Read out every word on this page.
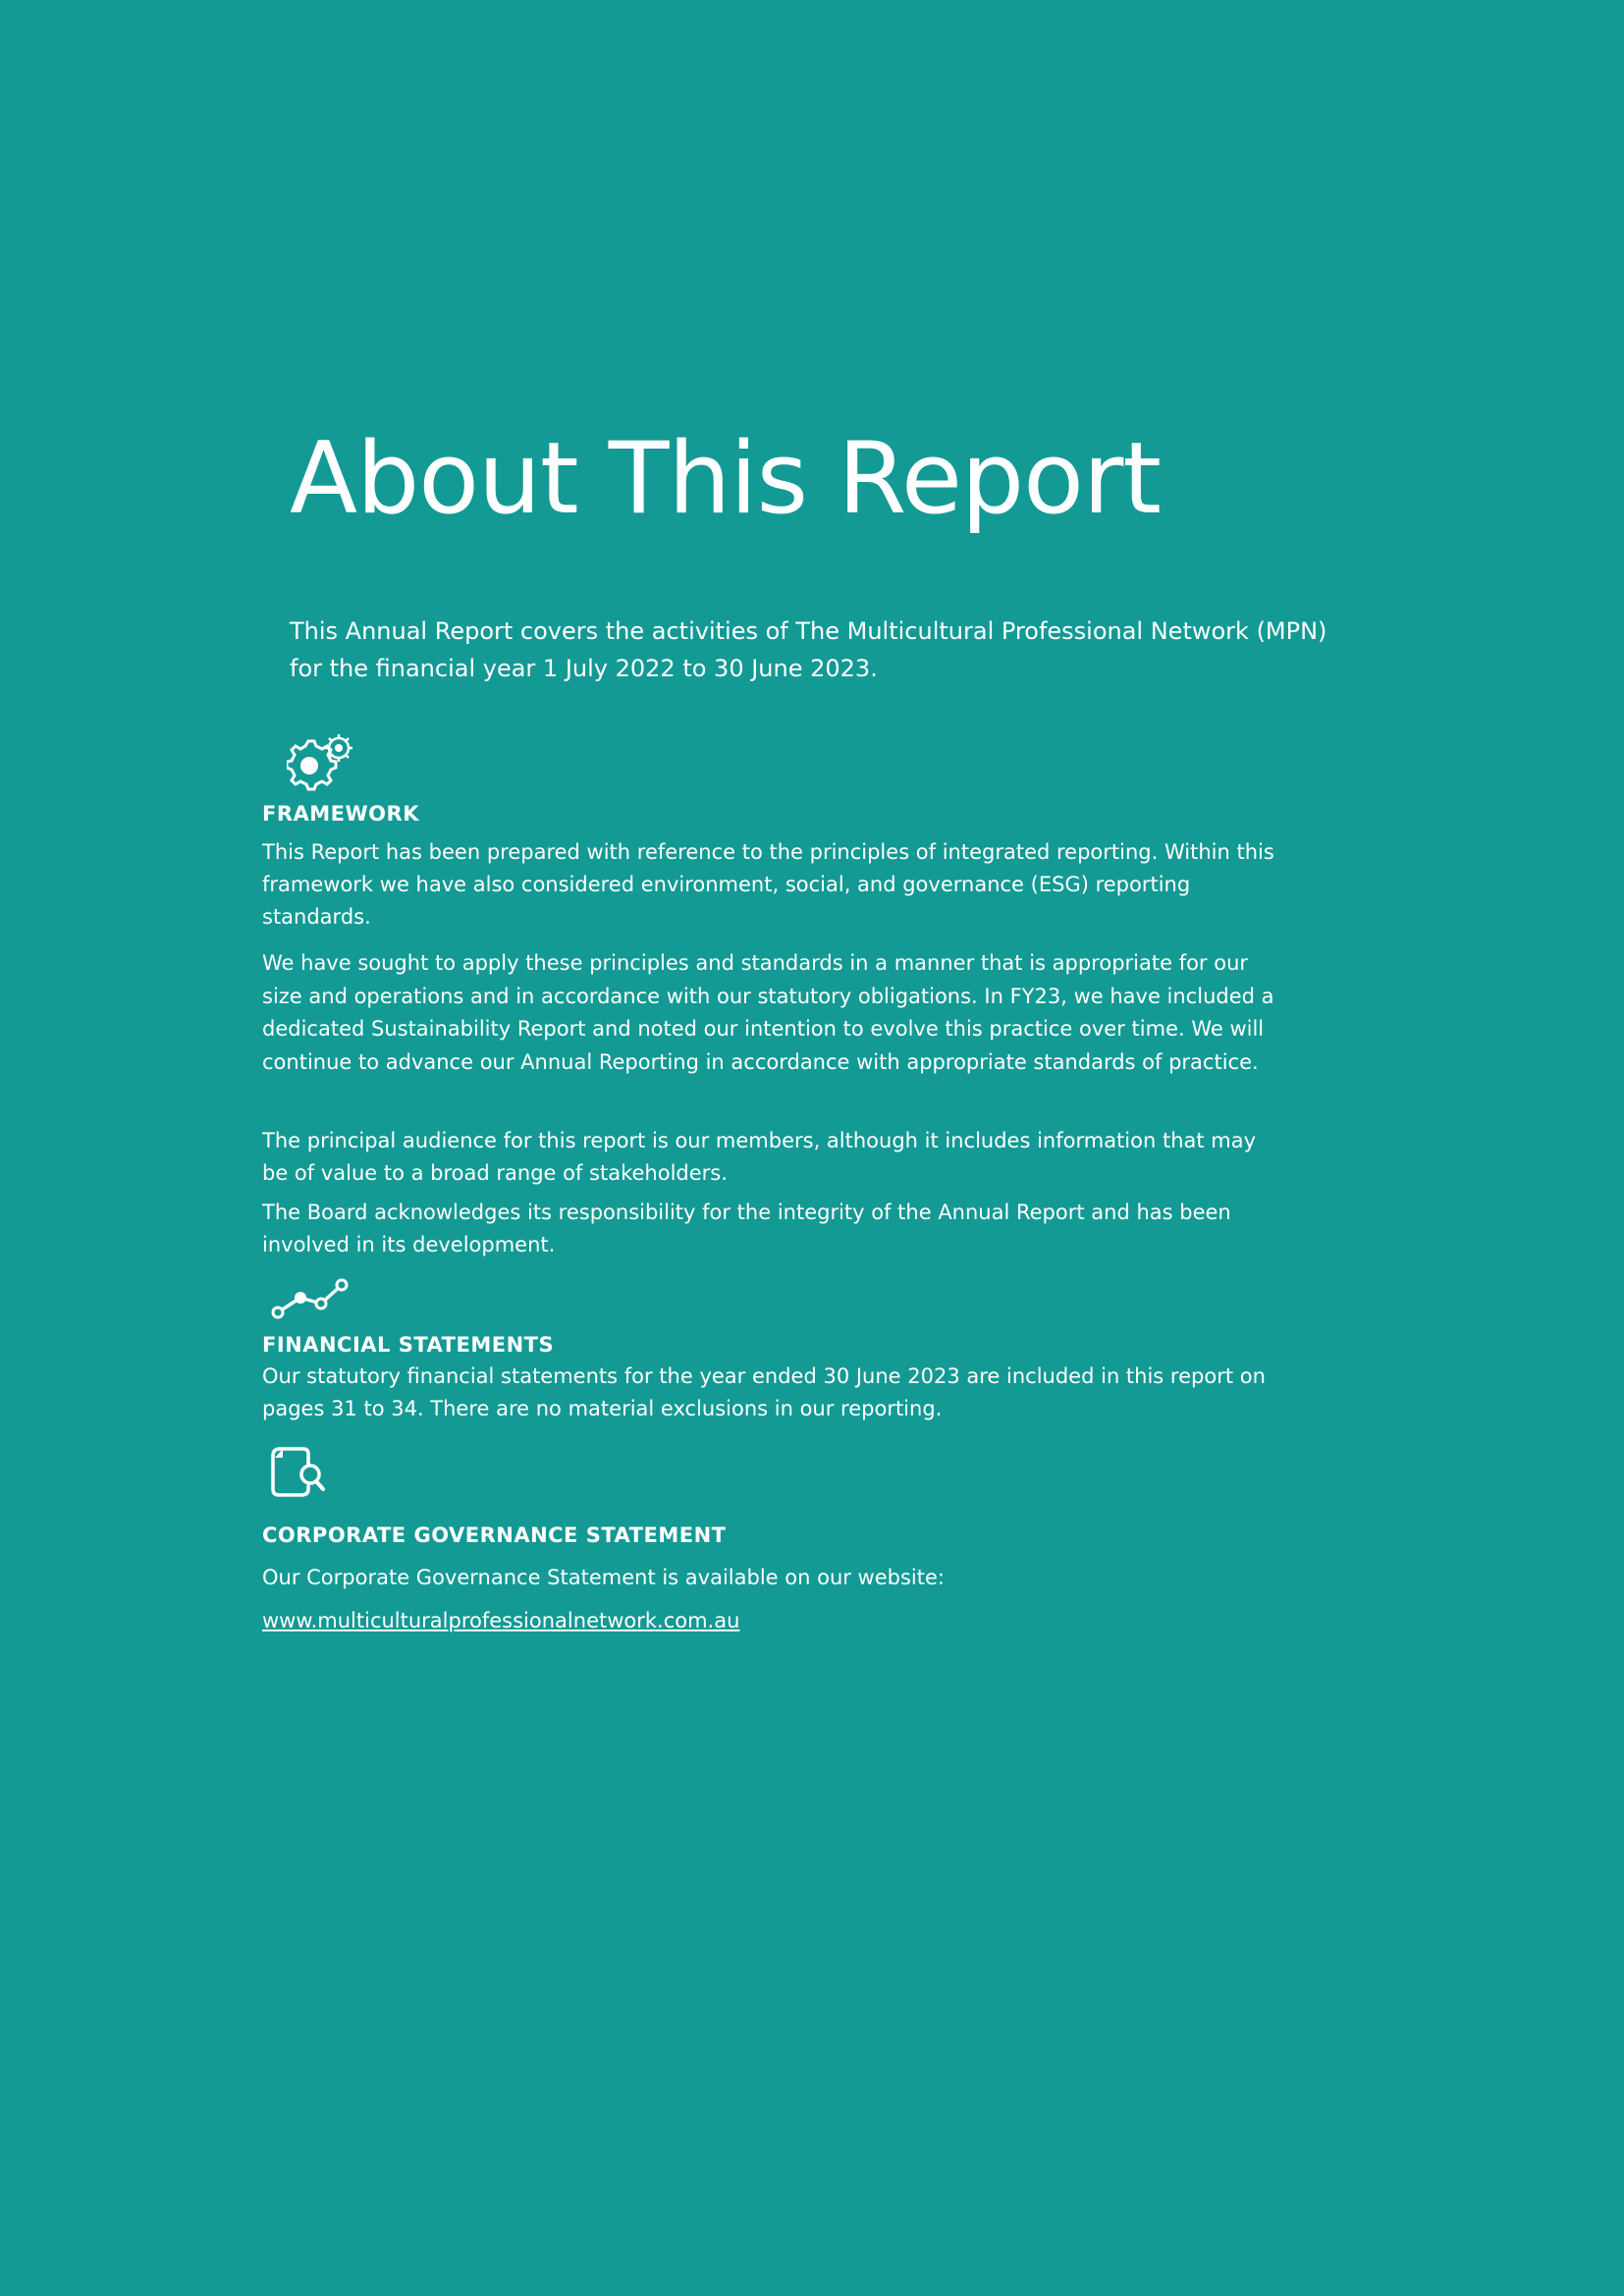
About This Report

This Annual Report covers the activities of The Multicultural Professional Network (MPN) for the financial year 1 July 2022 to 30 June 2023.

FRAMEWORK

This Report has been prepared with reference to the principles of integrated reporting. Within this framework we have also considered environment, social, and governance (ESG) reporting standards.

We have sought to apply these principles and standards in a manner that is appropriate for our size and operations and in accordance with our statutory obligations. In FY23, we have included a dedicated Sustainability Report and noted our intention to evolve this practice over time. We will continue to advance our Annual Reporting in accordance with appropriate standards of practice.

The principal audience for this report is our members, although it includes information that may be of value to a broad range of stakeholders.

The Board acknowledges its responsibility for the integrity of the Annual Report and has been involved in its development.

FINANCIAL STATEMENTS

Our statutory financial statements for the year ended 30 June 2023 are included in this report on pages 31 to 34. There are no material exclusions in our reporting.

CORPORATE GOVERNANCE STATEMENT

Our Corporate Governance Statement is available on our website:

www.multiculturalprofessionalnetwork.com.au
